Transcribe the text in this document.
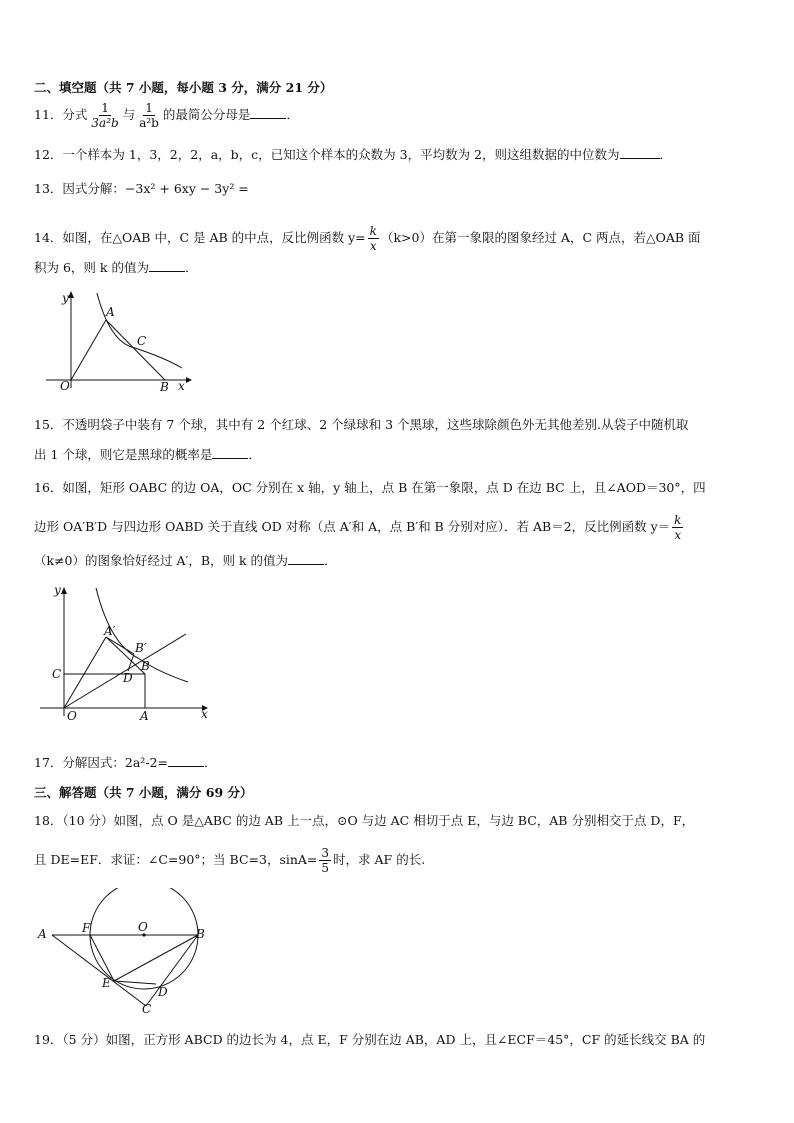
二、填空题（共 7 小题，每小题 3 分，满分 21 分）
11．分式 $\frac{1}{\text{3a²b}}$ 与 $\frac{1}{\text{a²b}}$ 的最简公分母是	．
12．一个样本为 1，3，2，2，a，b，c，已知这个样本的众数为 3，平均数为 2，则这组数据的中位数为	．
13．因式分解：−3x² + 6xy − 3y² =
14．如图，在△OAB 中，C 是 AB 的中点，反比例函数 $y= \frac{k}{x} (k>0)$在第一象限的图象经过 A，C 两点，若△OAB 面
积为 6，则 k 的值为	．
y
x
O
A
C
B
15．不透明袋子中装有 7 个球，其中有 2 个红球、2 个绿球和 3 个黑球，这些球除颜色外无其他差别.从袋子中随机取
出 1 个球，则它是黑球的概率是	．
16．如图，矩形 OABC 的边 OA，OC 分别在 x 轴，y 轴上，点 B 在第一象限，点 D 在边 BC 上，且∠AOD＝30°，四
边形 OA′B′D 与四边形 OABD 关于直线 OD 对称（点 A′和 A，点 B′和 B 分别对应）．若 AB＝2，反比例函数 $y= \frac{k}{x}$
（k≠0）的图象恰好经过 A′，B，则 k 的值为	．
y
x
O	A
C
B
D
A′
B′
17．分解因式：2a²-2=	．
三、解答题（共 7 小题，满分 69 分）
18．（10 分）如图，点 O 是△ABC 的边 AB 上一点，⊙O 与边 AC 相切于点 E，与边 BC，AB 分别相交于点 D，F，
且 DE=EF．求证：∠C=90°；当 BC=3，$\sin A= \frac{3}{5}$ 时，求 AF 的长.
A	F	O	B
E
D
C
19．（5 分）如图，正方形 ABCD 的边长为 4，点 E，F 分别在边 AB，AD 上，且∠ECF＝45°，CF 的延长线交 BA 的
